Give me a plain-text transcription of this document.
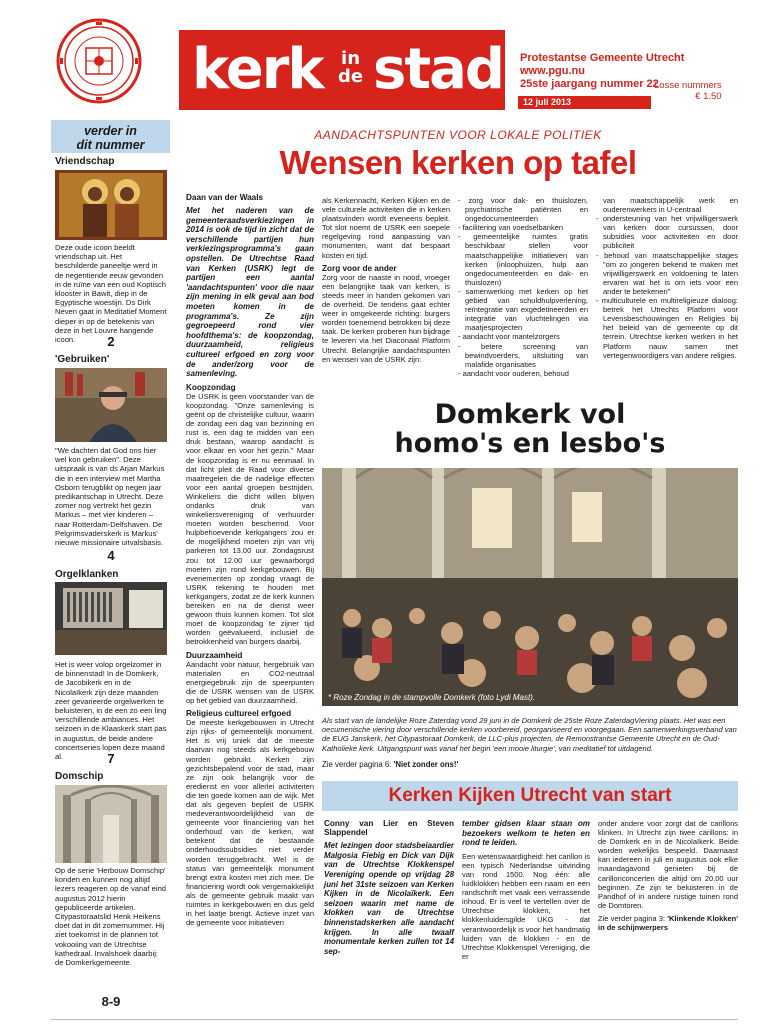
kerk in
de stad Protestantse Gemeente Utrecht
www.pgu.nu
25ste jaargang nummer 22
Losse nummers
€ 1.50
12 juli 2013
verder in
dit nummer
Vriendschap
Deze oude icoon beeldt vriendschap uit. Het beschilderde paneeltje werd in de negentiende eeuw gevonden in de ruïne van een oud Koptisch klooster in Bawit, diep in de Egyptische woestijn. Ds Dirk Neven gaat in Meditatief Moment dieper in op de betekenis van deze in het Louvre hangende icoon.	2
'Gebruiken'
"We dachten dat God ons hier wel kon gebruiken". Deze uitspraak is van ds Arjan Markus die in een interview met Martha Osborn terugblikt op negen jaar predikantschap in Utrecht. Deze zomer nog vertrekt het gezin Markus – met vier kinderen – naar Rotterdam-Delfshaven. De Pelgrimsvaderskerk is Markus' nieuwe missionaire uitvalsbasis.
4
Orgelklanken
Het is weer volop orgelzomer in de binnenstad! In de Domkerk, de Jacobikerk en in de Nicolaïkerk zijn deze maanden zeer gevarieerde orgelwerken te beluisteren, in de een zo een ling verschillende ambiances. Het seizoen in de Klaaskerk start pas in augustus, de beide andere concertseries lopen deze maand al.	7
Domschip
Op de serie 'Herbouw Domschip' konden en kunnen nog altijd lezers reageren op de vanaf eind augustus 2012 hierin gepubliceerde artikelen. Citypastoraatslid Henk Heikens doet dat in dit zomernummer. Hij ziet toekomst in de plannen tot vokooiing van de Utrechtse kathedraal. Invalshoek daarbij: de Domkerkgemeente.
8-9
AANDACHTSPUNTEN VOOR LOKALE POLITIEK
Wensen kerken op tafel

Daan van der Waals

Met het naderen van de gemeenteraadsverkiezingen in 2014 is ook de tijd in zicht dat de verschillende partijen hun verkiezingsprogramma's gaan opstellen. De Utrechtse Raad van Kerken (USRK) legt de partijen een aantal 'aandachtspunten' voor die naar zijn mening in elk geval aan bod moeten komen in de programma's. Ze zijn gegroepeerd rond vier hoofdthema's: de koopzondag, duurzaamheid, religieus cultureel erfgoed en zorg voor de ander/zorg voor de samenleving.

Koopzondag

De USRK is geen voorstander van de koopzondag. "Onze samenleving is geënt op de christelijke cultuur, waarin de zondag een dag van bezinning en rust is, een dag te midden van een druk bestaan, waarop aandacht is voor elkaar en voor het gezin." Maar de koopzondag is er nu eenmaal. In dat licht pleit de Raad voor diverse maatregelen die de nadelige effecten voor een aantal groepen bestrijden. Winkeliers die dicht willen blijven ondanks druk van winkeliersvereniging of verhuurder moeten worden beschermd. Voor hulpbehoevende kerkgangers zou er de mogelijkheid moeten zijn van vrij parkeren tot 13.00 uur. Zondagsrust zou tot 12.00 uur gewaarborgd moeten zijn rond kerkgebouwen. Bij evenementen op zondag vraagt de USRK rekening te houden met kerkgangers, zodat ze de kerk kunnen bereiken en na de dienst weer gewoon thuis kunnen komen. Tot slot moet de koopzondag te zijner tijd worden geëvalueerd, inclusief de betrokkenheid van burgers daarbij.

Duurzaamheid

Aandacht voor natuur, hergebruik van materialen en CO2-neutraal energiegebruik zijn de speerpunten die de USRK wensen van de USRK op het gebied van duurzaamheid.

Religieus cultureel erfgoed

De meeste kerkgebouwen in Utrecht zijn rijks- of gemeentelijk monument. Het is vrij uniek dat de meeste daarvan nog steeds als kerkgebouw worden gebruikt. Kerken zijn gezichtsbepalend voor de stad, maar ze zijn ook belangrijk voor de eredienst en voor allerlei activiteiten die ten goede komen aan de wijk. Met dat als gegeven bepleit de USRK medeverantwoordelijkheid van de gemeente voor financiering van het onderhoud van de kerken, wat betekent dat de bestaande onderhoudssubsidies niet verder worden teruggebracht. Wel is de status van gemeentelijk monument brengt extra kosten met zich mee. De financiering wordt ook vergemakkelijkt als de gemeente gebruik maakt van ruimtes in kerkgebouwen en dus geld in het laatje brengt. Actieve inzet van de gemeente voor initiatieven

als Kerkennacht, Kerken Kijken en de vele culturele activiteiten die in kerken plaatsvinden wordt eveneens bepleit. Tot slot noemt de USRK een soepele regelgeving rond aanpassing van monumenten, want dat bespaart kosten en tijd.

Zorg voor de ander

Zorg voor de naaste in nood, vroeger een belangrijke taak van kerken, is steeds meer in handen gekomen van de overheid. De tendens gaat echter weer in omgekeerde richting: burgers worden toenemend betrokken bij deze taak. De kerken proberen hun bijdrage te leveren via het Diaconaal Platform Utrecht. Belangrijke aandachtspunten en wensen van de USRK zijn:

- zorg voor dak- en thuislozen, psychiatrische patiënten en ongedocumenteerden
- facilitering van voedselbanken
- gemeentelijke ruimtes gratis beschikbaar stellen voor maatschappelijke initiatieven van kerken (inloophuizen, hulp aan ongedocumenteerden en dak- en thuislozen)
- samenwerking met kerken op het gebied van schuldhulpverlening, reïntegratie van exgedetineerden en integratie van vluchtelingen via maatjesprojecten
- aandacht voor mantelzorgers
- betere screening van bewindvoerders, uitsluiting van malafide organisaties
- aandacht voor ouderen, behoud

van maatschappelijk werk en ouderenwerkers in U-centraal

- ondersteuning van het vrijwilligerswerk van kerken door cursussen, door subsidies voor activiteiten en door publiciteit
- behoud van maatschappelijke stages "om zo jongeren bekend te maken met vrijwilligerswerk en voldoening te laten ervaren wat het is om iets voor een ander te betekenen"
- multiculturele en multireligieuze dialoog: betrek het Utrechts Platform voor Levensbeschouwingen en Religies bij het beleid van de gemeente op dit terrein. Utrechtse kerken werken in het Platform nauw samen met vertegenwoordigers van andere religies.
Domkerk vol
homo's en lesbo's
* Roze Zondag in de stampvolle Domkerk (foto Lydi Mast).
Als start van de landelijke Roze Zaterdag vond 29 juni in de Domkerk de 25ste Roze ZaterdagViering plaats. Het was een oecumenische viering door verschillende kerken voorbereid, georganiseerd en voorgegaan. Een samenwerkingsverband van de EUG Janskerk, het Citypastoraat Domkerk, de LLC-plus projecten, de Remonstrantse Gemeente Utrecht en de Oud-Katholieke kerk. Uitgangspunt was vanaf het begin 'een mooie liturgie', van meditatief tot uitdagend.
Zie verder pagina 6: 'Niet zonder ons!'
Kerken Kijken Utrecht van start

Conny van Lier en Steven Slappendel

Met lezingen door stadsbeiaardier Malgosia Fiebig en Dick van Dijk van de Utrechtse Klokkenspel Vereniging opende op vrijdag 28 juni het 31ste seizoen van Kerken Kijken in de Nicolaïkerk. Een seizoen waarin met name de klokken van de Utrechtse binnenstadskerken alle aandacht krijgen. In alle twaalf monumentale kerken zullen tot 14 sep-

tember gidsen klaar staan om bezoekers welkom te heten en rond te leiden.

Een wetenswaardigheid: het carillon is een typisch Nederlandse uitvinding van rond 1500. Nog één: alle luidklokken hebben een naam en een randschrift met vaak een verrassende inhoud. Er is veel te vertellen over de Utrechtse klokken, het klokkenluidersgilde UKG - dat verantwoordelijk is voor het handmatig luiden van de klokken - en de Utrechtse Klokkenspel Vereniging, die er

onder andere voor zorgt dat de carillons klinken. In Utrecht zijn twee carillons: in de Domkerk en in de Nicolaïkerk. Beide worden wekelijks bespeeld. Daarnaast kan iedereen in juli en augustus ook elke maandagavond genieten bij de carillonconcerten die altijd om 20.00 uur beginnen. Ze zijn te beluisteren in de Pandhof of in andere rustige tuinen rond de Domtoren.

Zie verder pagina 3: 'Klinkende Klokken' in de schijnwerpers
